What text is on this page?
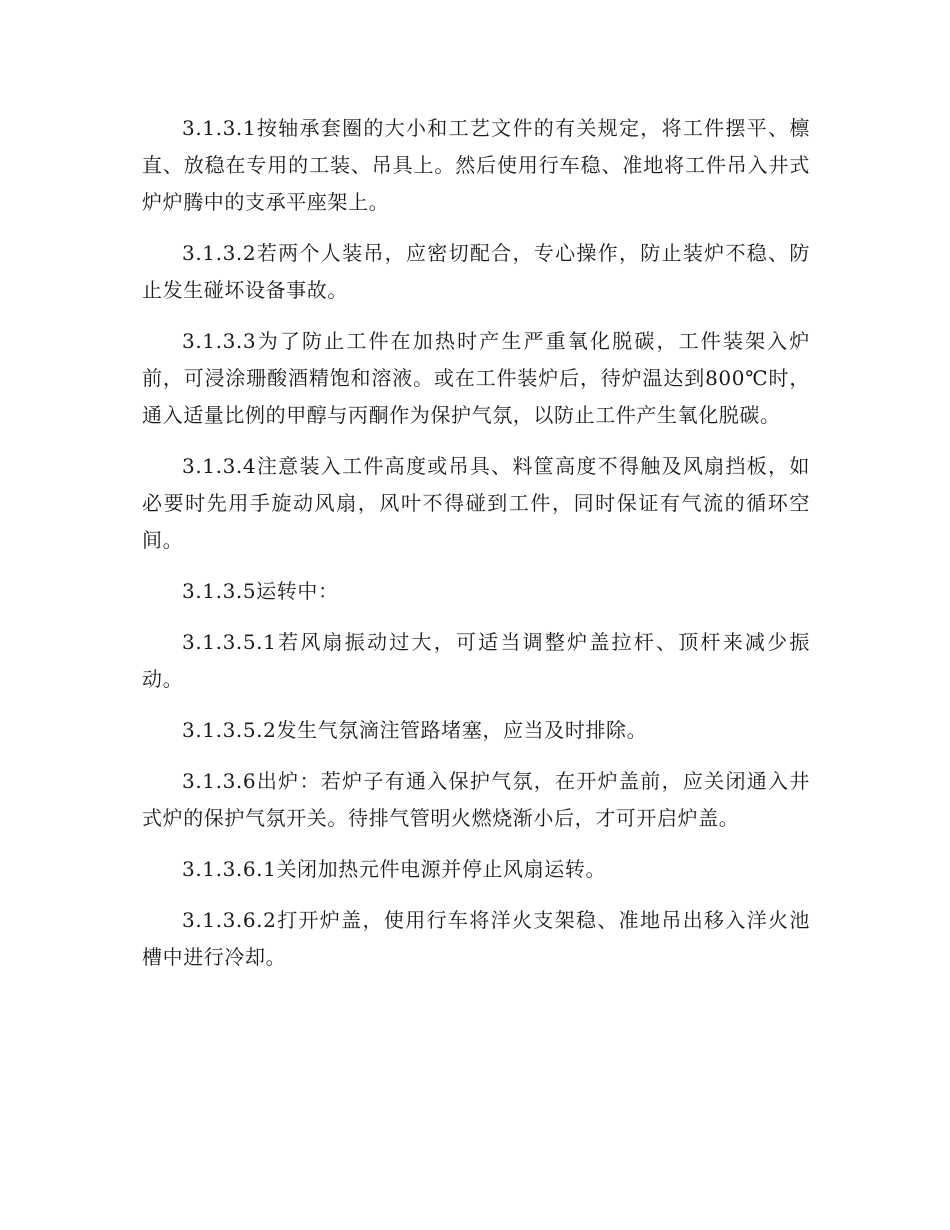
3.1.3.1按轴承套圈的大小和工艺文件的有关规定，将工件摆平、檩直、放稳在专用的工装、吊具上。然后使用行车稳、准地将工件吊入井式炉炉腾中的支承平座架上。

3.1.3.2若两个人装吊，应密切配合，专心操作，防止装炉不稳、防止发生碰坏设备事故。

3.1.3.3为了防止工件在加热时产生严重氧化脱碳，工件装架入炉前，可浸涂珊酸酒精饱和溶液。或在工件装炉后，待炉温达到800℃时，通入适量比例的甲醇与丙酮作为保护气氛，以防止工件产生氧化脱碳。

3.1.3.4注意装入工件高度或吊具、料筐高度不得触及风扇挡板，如必要时先用手旋动风扇，风叶不得碰到工件，同时保证有气流的循环空间。

3.1.3.5运转中：

3.1.3.5.1若风扇振动过大，可适当调整炉盖拉杆、顶杆来减少振动。

3.1.3.5.2发生气氛滴注管路堵塞，应当及时排除。

3.1.3.6出炉：若炉子有通入保护气氛，在开炉盖前，应关闭通入井式炉的保护气氛开关。待排气管明火燃烧渐小后，才可开启炉盖。

3.1.3.6.1关闭加热元件电源并停止风扇运转。

3.1.3.6.2打开炉盖，使用行车将洋火支架稳、准地吊出移入洋火池槽中进行冷却。
